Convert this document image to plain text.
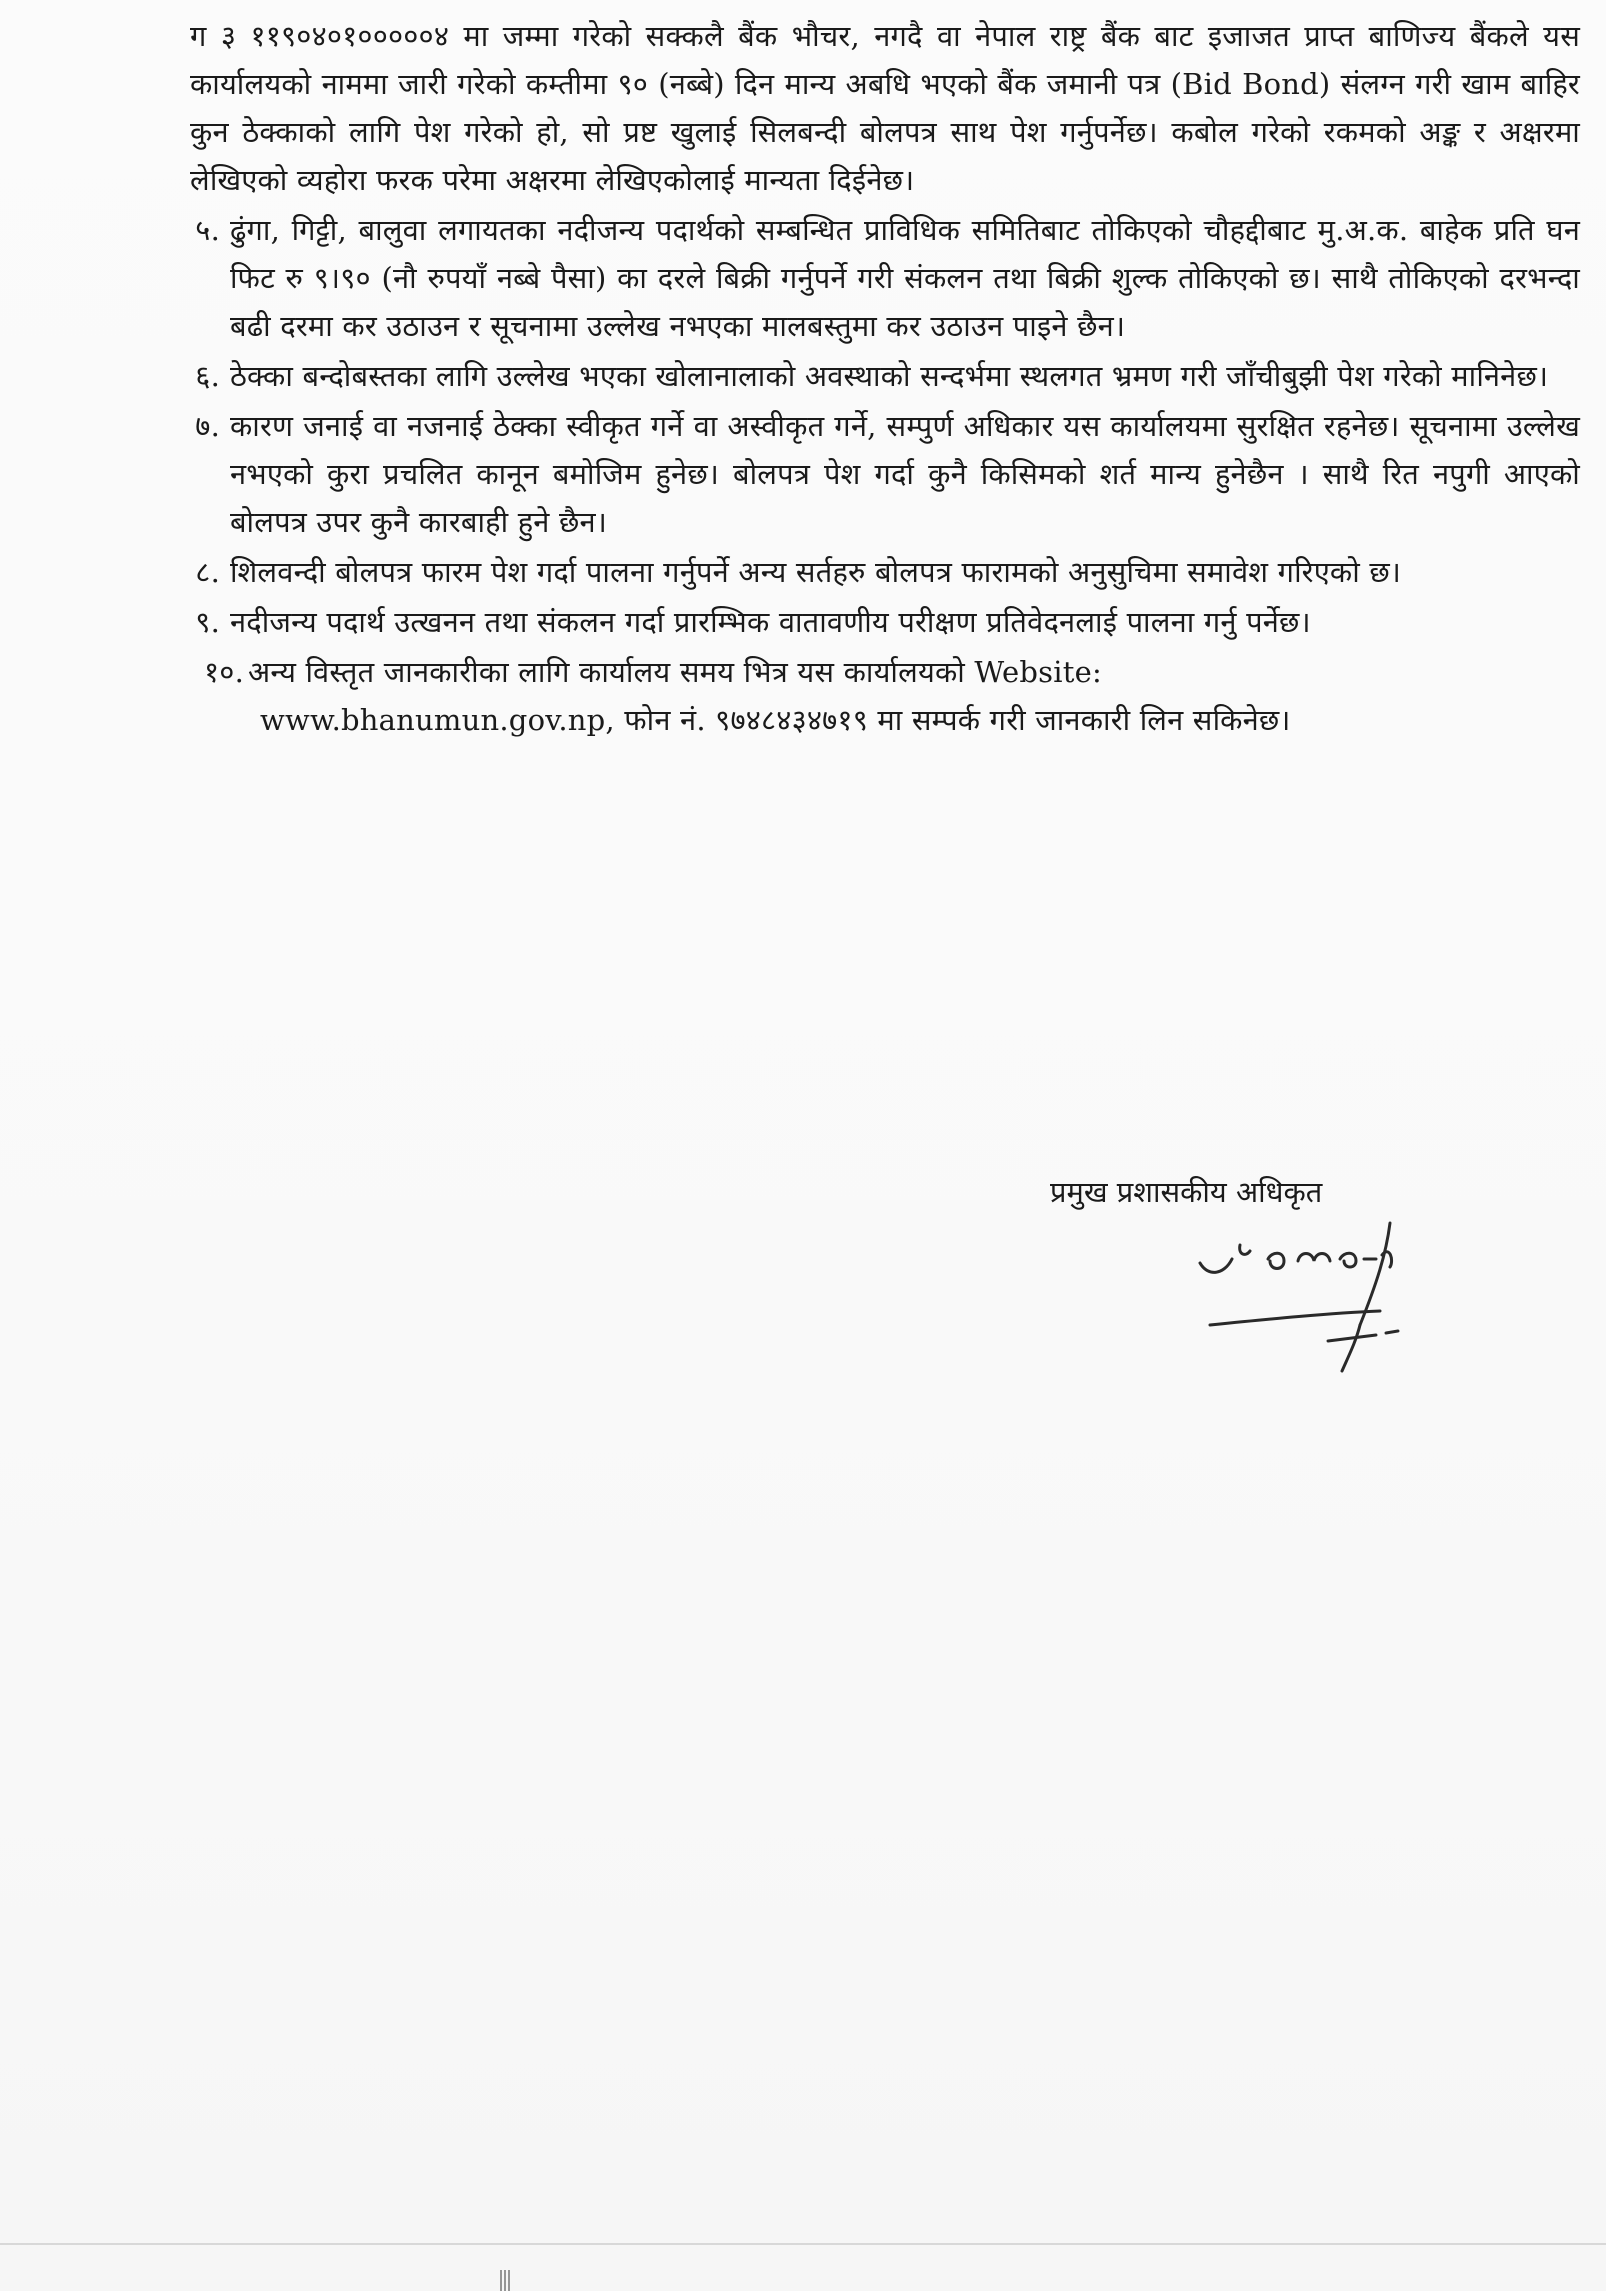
ग ३ ११९०४०१०००००४ मा जम्मा गरेको सक्कलै बैंक भौचर, नगदै वा नेपाल राष्ट्र बैंक बाट इजाजत प्राप्त बाणिज्य बैंकले यस कार्यालयको नाममा जारी गरेको कम्तीमा ९० (नब्बे) दिन मान्य अबधि भएको बैंक जमानी पत्र (Bid Bond) संलग्न गरी खाम बाहिर कुन ठेक्काको लागि पेश गरेको हो, सो प्रष्ट खुलाई सिलबन्दी बोलपत्र साथ पेश गर्नुपर्नेछ। कबोल गरेको रकमको अङ्क र अक्षरमा लेखिएको व्यहोरा फरक परेमा अक्षरमा लेखिएकोलाई मान्यता दिईनेछ।

५. ढुंगा, गिट्टी, बालुवा लगायतका नदीजन्य पदार्थको सम्बन्धित प्राविधिक समितिबाट तोकिएको चौहद्दीबाट मु.अ.क. बाहेक प्रति घन फिट रु ९।९० (नौ रुपयाँ नब्बे पैसा) का दरले बिक्री गर्नुपर्ने गरी संकलन तथा बिक्री शुल्क तोकिएको छ। साथै तोकिएको दरभन्दा बढी दरमा कर उठाउन र सूचनामा उल्लेख नभएका मालबस्तुमा कर उठाउन पाइने छैन।
६. ठेक्का बन्दोबस्तका लागि उल्लेख भएका खोलानालाको अवस्थाको सन्दर्भमा स्थलगत भ्रमण गरी जाँचीबुझी पेश गरेको मानिनेछ।
७. कारण जनाई वा नजनाई ठेक्का स्वीकृत गर्ने वा अस्वीकृत गर्ने, सम्पुर्ण अधिकार यस कार्यालयमा सुरक्षित रहनेछ। सूचनामा उल्लेख नभएको कुरा प्रचलित कानून बमोजिम हुनेछ। बोलपत्र पेश गर्दा कुनै किसिमको शर्त मान्य हुनेछैन । साथै रित नपुगी आएको बोलपत्र उपर कुनै कारबाही हुने छैन।
८. शिलवन्दी बोलपत्र फारम पेश गर्दा पालना गर्नुपर्ने अन्य सर्तहरु बोलपत्र फारामको अनुसुचिमा समावेश गरिएको छ।
९. नदीजन्य पदार्थ उत्खनन तथा संकलन गर्दा प्रारम्भिक वातावणीय परीक्षण प्रतिवेदनलाई पालना गर्नु पर्नेछ।
१०. अन्य विस्तृत जानकारीका लागि कार्यालय समय भित्र यस कार्यालयको Website:
www.bhanumun.gov.np, फोन नं. ९७४८४३४७१९ मा सम्पर्क गरी जानकारी लिन सकिनेछ।
प्रमुख प्रशासकीय अधिकृत
